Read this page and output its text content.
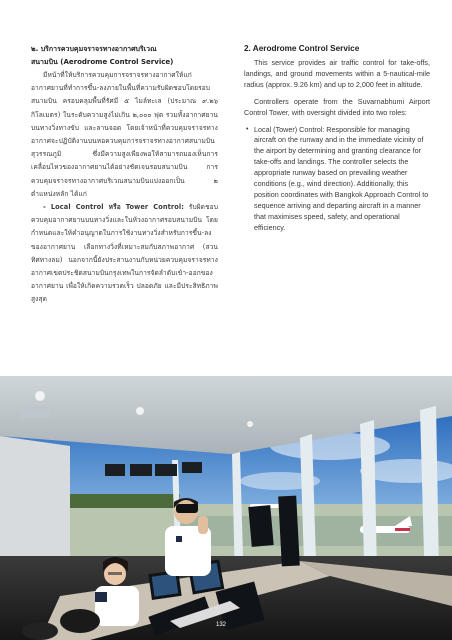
๒. บริการควบคุมจราจรทางอากาศบริเวณ
สนามบิน (Aerodrome Control Service)

มีหน้าที่ให้บริการควบคุมการจราจรทางอากาศให้แก่อากาศยานที่ทำการขึ้น-ลงภายในพื้นที่ความรับผิดชอบโดยรอบสนามบิน ครอบคลุมพื้นที่รัศมี ๕ ไมล์ทะเล (ประมาณ ๙.๒๖ กิโลเมตร) ในระดับความสูงไม่เกิน ๒,๐๐๐ ฟุต รวมทั้งอากาศยานบนทางวิ่งทางขับ และลานจอด โดยเจ้าหน้าที่ควบคุมจราจรทางอากาศจะปฏิบัติงานบนหอควบคุมการจราจรทางอากาศสนามบินสุวรรณภูมิ ซึ่งมีความสูงเพียงพอให้สามารถมองเห็นการเคลื่อนไหวของอากาศยานได้อย่างชัดเจนรอบสนามบิน การควบคุมจราจรทางอากาศบริเวณสนามบินแบ่งออกเป็น ๒ ตำแหน่งหลัก ได้แก่

- Local Control หรือ Tower Control: รับผิดชอบควบคุมอากาศยานบนทางวิ่งและในห้วงอากาศรอบสนามบิน โดยกำหนดและให้คำอนุญาตในการใช้งานทางวิ่งสำหรับการขึ้น-ลงของอากาศยาน เลือกทางวิ่งที่เหมาะสมกับสภาพอากาศ (สวนทิศทางลม) นอกจากนี้ยังประสานงานกับหน่วยควบคุมจราจรทางอากาศเขตประชิดสนามบินกรุงเทพในการจัดลำดับเข้า-ออกของอากาศยาน เพื่อให้เกิดความรวดเร็ว ปลอดภัย และมีประสิทธิภาพสูงสุด

2. Aerodrome Control Service

This service provides air traffic control for take-offs, landings, and ground movements within a 5-nautical-mile radius (approx. 9.26 km) and up to 2,000 feet in altitude.

Controllers operate from the Suvarnabhumi Airport Control Tower, with oversight divided into two roles:

• Local (Tower) Control: Responsible for managing aircraft on the runway and in the immediate vicinity of the airport by determining and granting clearance for take-offs and landings. The controller selects the appropriate runway based on prevailing weather conditions (e.g., wind direction). Additionally, this position coordinates with Bangkok Approach Control to sequence arriving and departing aircraft in a manner that maximises speed, safety, and operational efficiency.
132
